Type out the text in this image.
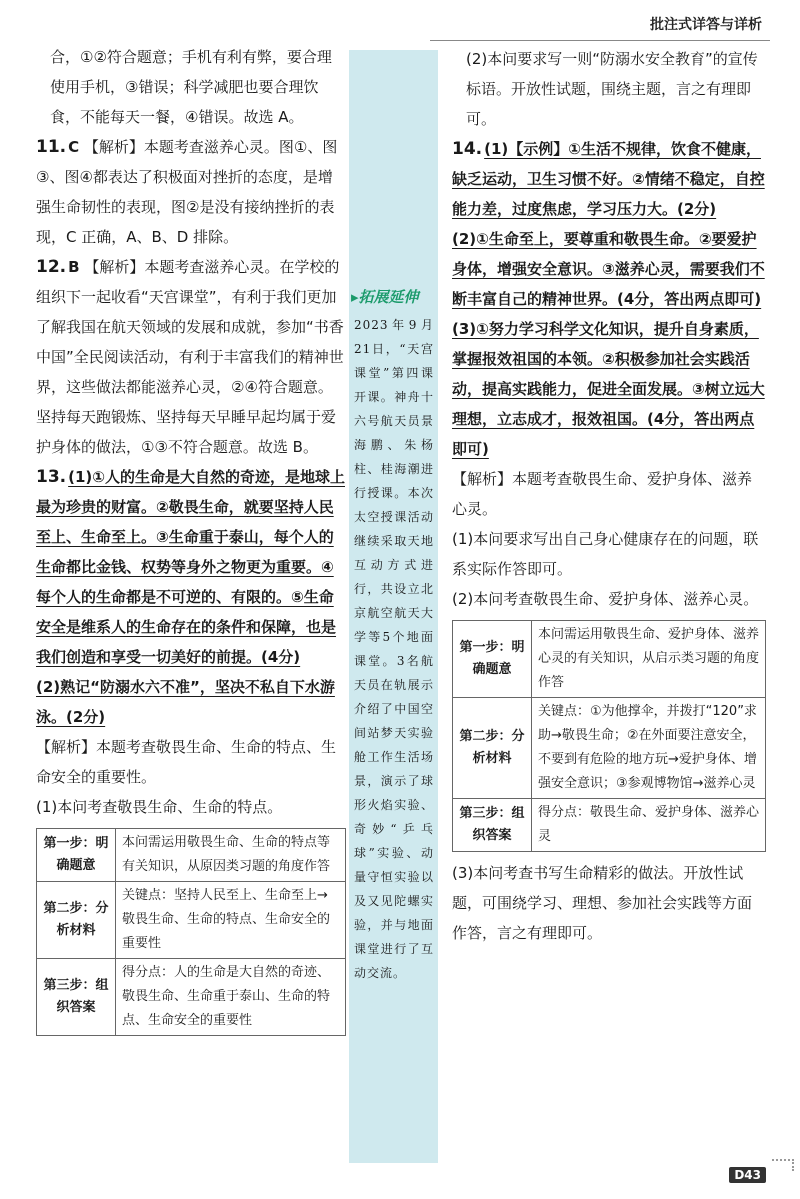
批注式详答与详析

合，①②符合题意；手机有利有弊，要合理使用手机，③错误；科学减肥也要合理饮食，不能每天一餐，④错误。故选 A。

11. C 【解析】本题考查滋养心灵。图①、图③、图④都表达了积极面对挫折的态度，是增强生命韧性的表现，图②是没有接纳挫折的表现，C 正确，A、B、D 排除。

12. B 【解析】本题考查滋养心灵。在学校的组织下一起收看“天宫课堂”，有利于我们更加了解我国在航天领域的发展和成就，参加“书香中国”全民阅读活动，有利于丰富我们的精神世界，这些做法都能滋养心灵，②④符合题意。坚持每天跑锻炼、坚持每天早睡早起均属于爱护身体的做法，①③不符合题意。故选 B。

13. (1)①人的生命是大自然的奇迹，是地球上最为珍贵的财富。②敬畏生命，就要坚持人民至上、生命至上。③生命重于泰山，每个人的生命都比金钱、权势等身外之物更为重要。④每个人的生命都是不可逆的、有限的。⑤生命安全是维系人的生命存在的条件和保障，也是我们创造和享受一切美好的前提。(4分)

(2)熟记“防溺水六不准”，坚决不私自下水游泳。(2分)

【解析】本题考查敬畏生命、生命的特点、生命安全的重要性。

(1)本问考查敬畏生命、生命的特点。

第一步：明确题意	本问需运用敬畏生命、生命的特点等有关知识，从原因类习题的角度作答
第二步：分析材料	关键点：坚持人民至上、生命至上→敬畏生命、生命的特点、生命安全的重要性
第三步：组织答案	得分点：人的生命是大自然的奇迹、敬畏生命、生命重于泰山、生命的特点、生命安全的重要性
▸拓展延伸
2023年9月21日，“天宫课堂”第四课开课。神舟十六号航天员景海鹏、朱杨柱、桂海潮进行授课。本次太空授课活动继续采取天地互动方式进行，共设立北京航空航天大学等5个地面课堂。3名航天员在轨展示介绍了中国空间站梦天实验舱工作生活场景，演示了球形火焰实验、奇妙“乒乓球”实验、动量守恒实验以及又见陀螺实验，并与地面课堂进行了互动交流。

(2)本问要求写一则“防溺水安全教育”的宣传标语。开放性试题，围绕主题，言之有理即可。

14. (1)【示例】①生活不规律，饮食不健康，缺乏运动，卫生习惯不好。②情绪不稳定，自控能力差，过度焦虑，学习压力大。(2分)

(2)①生命至上，要尊重和敬畏生命。②要爱护身体，增强安全意识。③滋养心灵，需要我们不断丰富自己的精神世界。(4分，答出两点即可)

(3)①努力学习科学文化知识，提升自身素质，掌握报效祖国的本领。②积极参加社会实践活动，提高实践能力，促进全面发展。③树立远大理想，立志成才，报效祖国。(4分，答出两点即可)

【解析】本题考查敬畏生命、爱护身体、滋养心灵。

(1)本问要求写出自己身心健康存在的问题，联系实际作答即可。

(2)本问考查敬畏生命、爱护身体、滋养心灵。

第一步：明确题意	本问需运用敬畏生命、爱护身体、滋养心灵的有关知识，从启示类习题的角度作答
第二步：分析材料	关键点：①为他撑伞，并拨打“120”求助→敬畏生命；②在外面要注意安全，不要到有危险的地方玩→爱护身体、增强安全意识；③参观博物馆→滋养心灵
第三步：组织答案	得分点：敬畏生命、爱护身体、滋养心灵

(3)本问考查书写生命精彩的做法。开放性试题，可围绕学习、理想、参加社会实践等方面作答，言之有理即可。

D43
